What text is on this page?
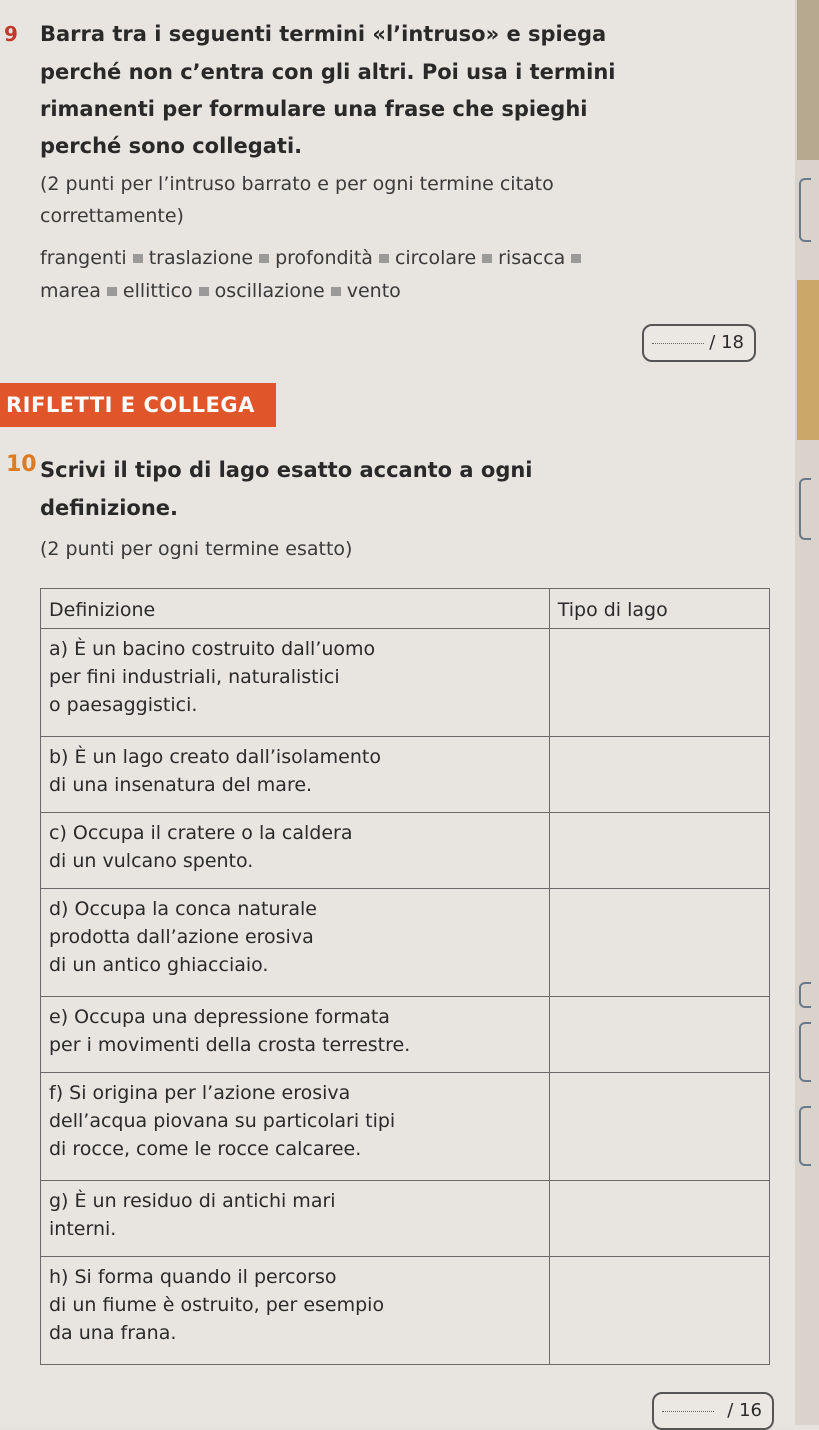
9 Barra tra i seguenti termini «l’intruso» e spiega
perché non c’entra con gli altri. Poi usa i termini
rimanenti per formulare una frase che spieghi
perché sono collegati.
(2 punti per l’intruso barrato e per ogni termine citato
correttamente)
frangenti traslazione profondità circolare risacca
marea ellittico oscillazione vento
/ 18
RIFLETTI E COLLEGA
10 Scrivi il tipo di lago esatto accanto a ogni
definizione.
(2 punti per ogni termine esatto)
Definizione	Tipo di lago
a) È un bacino costruito dall’uomo
per fini industriali, naturalistici
o paesaggistici.	
b) È un lago creato dall’isolamento
di una insenatura del mare.	
c) Occupa il cratere o la caldera
di un vulcano spento.	
d) Occupa la conca naturale
prodotta dall’azione erosiva
di un antico ghiacciaio.	
e) Occupa una depressione formata
per i movimenti della crosta terrestre.	
f) Si origina per l’azione erosiva
dell’acqua piovana su particolari tipi
di rocce, come le rocce calcaree.	
g) È un residuo di antichi mari
interni.	
h) Si forma quando il percorso
di un fiume è ostruito, per esempio
da una frana.	
/ 16
